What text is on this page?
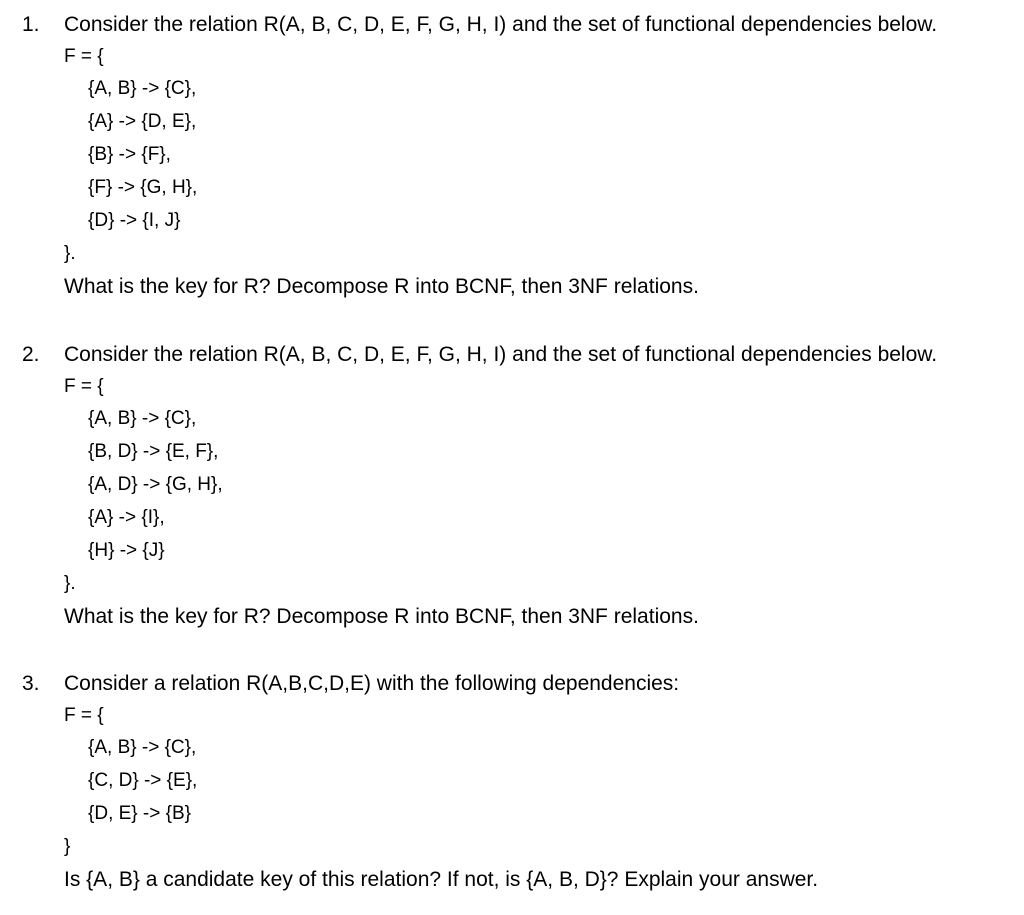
1. Consider the relation R(A, B, C, D, E, F, G, H, I) and the set of functional dependencies below.
F = {
{A, B} -> {C},
{A} -> {D, E},
{B} -> {F},
{F} -> {G, H},
{D} -> {I, J}
}.
What is the key for R? Decompose R into BCNF, then 3NF relations.
2. Consider the relation R(A, B, C, D, E, F, G, H, I) and the set of functional dependencies below.
F = {
{A, B} -> {C},
{B, D} -> {E, F},
{A, D} -> {G, H},
{A} -> {I},
{H} -> {J}
}.
What is the key for R? Decompose R into BCNF, then 3NF relations.
3. Consider a relation R(A,B,C,D,E) with the following dependencies:
F = {
{A, B} -> {C},
{C, D} -> {E},
{D, E} -> {B}
}
Is {A, B} a candidate key of this relation? If not, is {A, B, D}? Explain your answer.
